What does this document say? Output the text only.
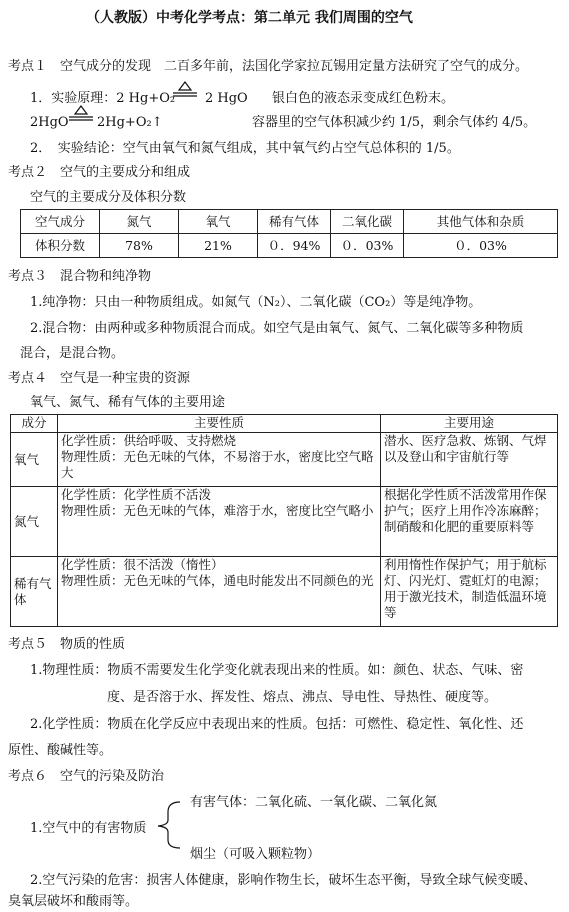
（人教版）中考化学考点：第二单元 我们周围的空气
考点１　空气成分的发现　二百多年前，法国化学家拉瓦锡用定量方法研究了空气的成分。
1．实验原理：2 Hg+O₂ 2 HgO 银白色的液态汞变成红色粉末。
2HgO 2Hg+O₂↑	容器里的空气体积减少约 1/5，剩余气体约 4/5。
2．　实验结论：空气由氧气和氮气组成，其中氧气约占空气总体积的 1/5。
考点２　空气的主要成分和组成
空气的主要成分及体积分数
空气成分	氮气	氧气	稀有气体	二氧化碳	其他气体和杂质
体积分数	78%	21%	０．94%	０．03%	０．03%
考点３　混合物和纯净物
1.纯净物：只由一种物质组成。如氮气（N₂）、二氧化碳（CO₂）等是纯净物。
2.混合物：由两种或多种物质混合而成。如空气是由氧气、氮气、二氧化碳等多种物质
混合，是混合物。
考点４　空气是一种宝贵的资源
氧气、氮气、稀有气体的主要用途
成分	主要性质	主要用途
氧气	化学性质：供给呼吸、支持燃烧
物理性质：无色无味的气体，不易溶于水，密度比空气略大	潜水、医疗急救、炼钢、气焊以及登山和宇宙航行等
氮气	化学性质：化学性质不活泼
物理性质：无色无味的气体，难溶于水，密度比空气略小	根据化学性质不活泼常用作保护气；医疗上用作冷冻麻醉；制硝酸和化肥的重要原料等
稀有气体	化学性质：很不活泼（惰性）
物理性质：无色无味的气体，通电时能发出不同颜色的光	利用惰性作保护气；用于航标灯、闪光灯、霓虹灯的电源；用于激光技术，制造低温环境等
考点５　物质的性质
1.物理性质：物质不需要发生化学变化就表现出来的性质。如：颜色、状态、气味、密
度、是否溶于水、挥发性、熔点、沸点、导电性、导热性、硬度等。
2.化学性质：物质在化学反应中表现出来的性质。包括：可燃性、稳定性、氧化性、还
原性、酸碱性等。
考点６　空气的污染及防治
有害气体：二氧化硫、一氧化碳、二氧化氮
1.空气中的有害物质
烟尘（可吸入颗粒物）
2.空气污染的危害：损害人体健康，影响作物生长，破坏生态平衡，导致全球气候变暖、
臭氧层破坏和酸雨等。
